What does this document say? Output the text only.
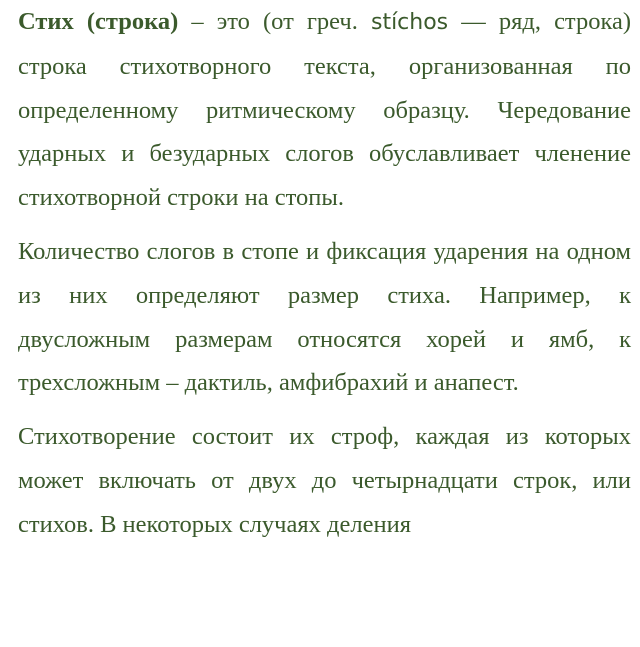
Стих (строка) – это (от греч. stíchos — ряд, строка) строка стихотворного текста, организованная по определенному ритмическому образцу. Чередование ударных и безударных слогов обуславливает членение стихотворной строки на стопы.

Количество слогов в стопе и фиксация ударения на одном из них определяют размер стиха. Например, к двусложным размерам относятся хорей и ямб, к трехсложным – дактиль, амфибрахий и анапест.

Стихотворение состоит их строф, каждая из которых может включать от двух до четырнадцати строк, или стихов. В некоторых случаях деления
